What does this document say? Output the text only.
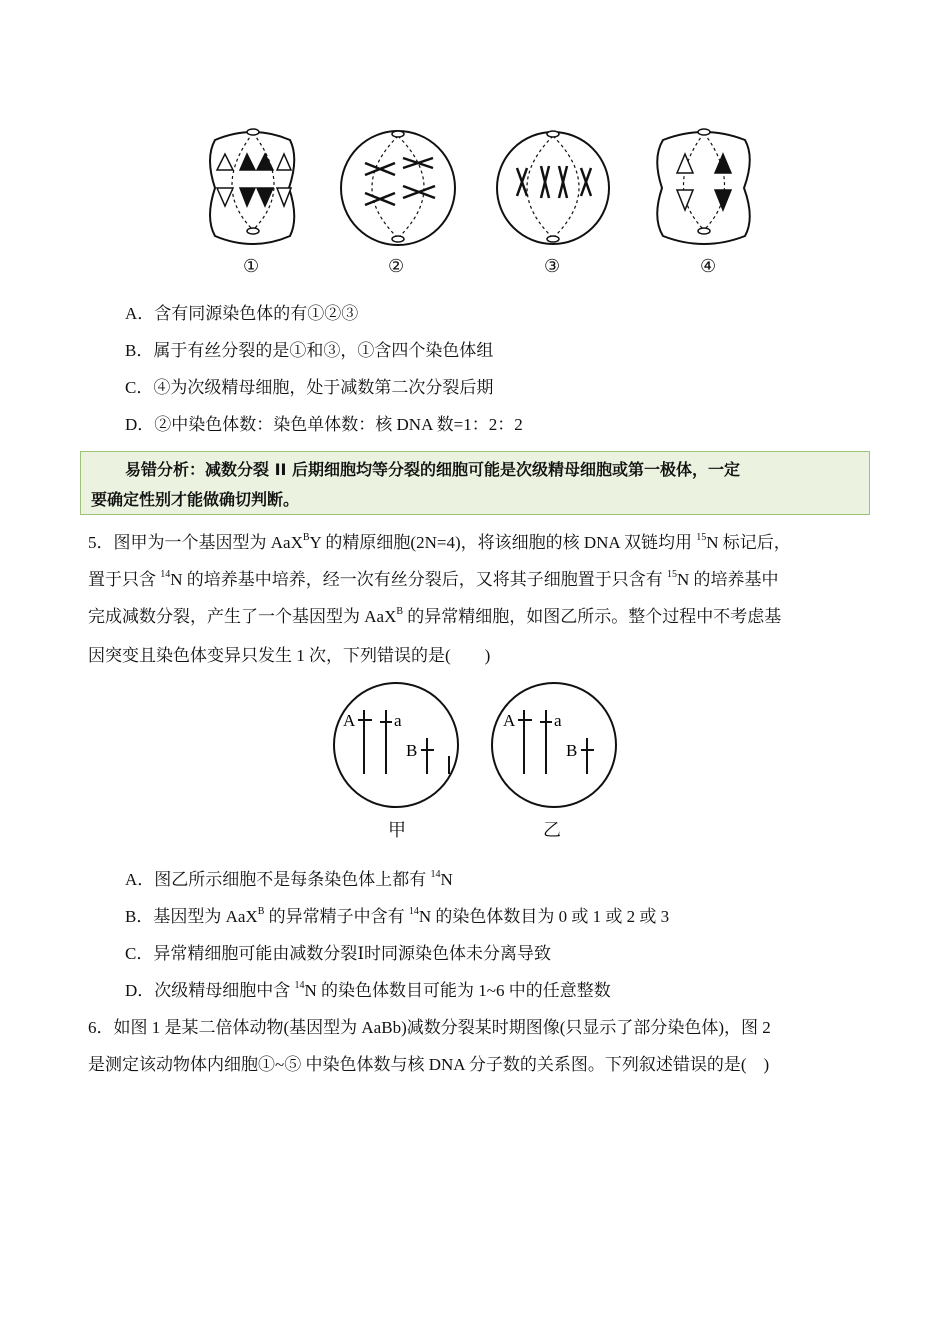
①	②	③	④
A．含有同源染色体的有①②③
B．属于有丝分裂的是①和③，①含四个染色体组
C．④为次级精母细胞，处于减数第二次分裂后期
D．②中染色体数：染色单体数：核 DNA 数=1：2：2
易错分析：减数分裂 II 后期细胞均等分裂的细胞可能是次级精母细胞或第一极体，一定
要确定性别才能做确切判断。
5．图甲为一个基因型为 AaX$^B$Y 的精原细胞(2N=4)，将该细胞的核 DNA 双链均用 $^{15}$N 标记后，
置于只含 $^{14}$N 的培养基中培养，经一次有丝分裂后，又将其子细胞置于只含有 $^{15}$N 的培养基中
完成减数分裂，产生了一个基因型为 AaX$^B$ 的异常精细胞，如图乙所示。整个过程中不考虑基
因突变且染色体变异只发生 1 次，下列错误的是(　　)
A a
B
A a
B
甲	乙
A．图乙所示细胞不是每条染色体上都有 $^{14}$N
B．基因型为 AaX$^B$ 的异常精子中含有 $^{14}$N 的染色体数目为 0 或 1 或 2 或 3
C．异常精细胞可能由减数分裂Ⅰ时同源染色体未分离导致
D．次级精母细胞中含 $^{14}$N 的染色体数目可能为 1~6 中的任意整数
6．如图 1 是某二倍体动物(基因型为 AaBb)减数分裂某时期图像(只显示了部分染色体)，图 2
是测定该动物体内细胞①~⑤ 中染色体数与核 DNA 分子数的关系图。下列叙述错误的是(　)
